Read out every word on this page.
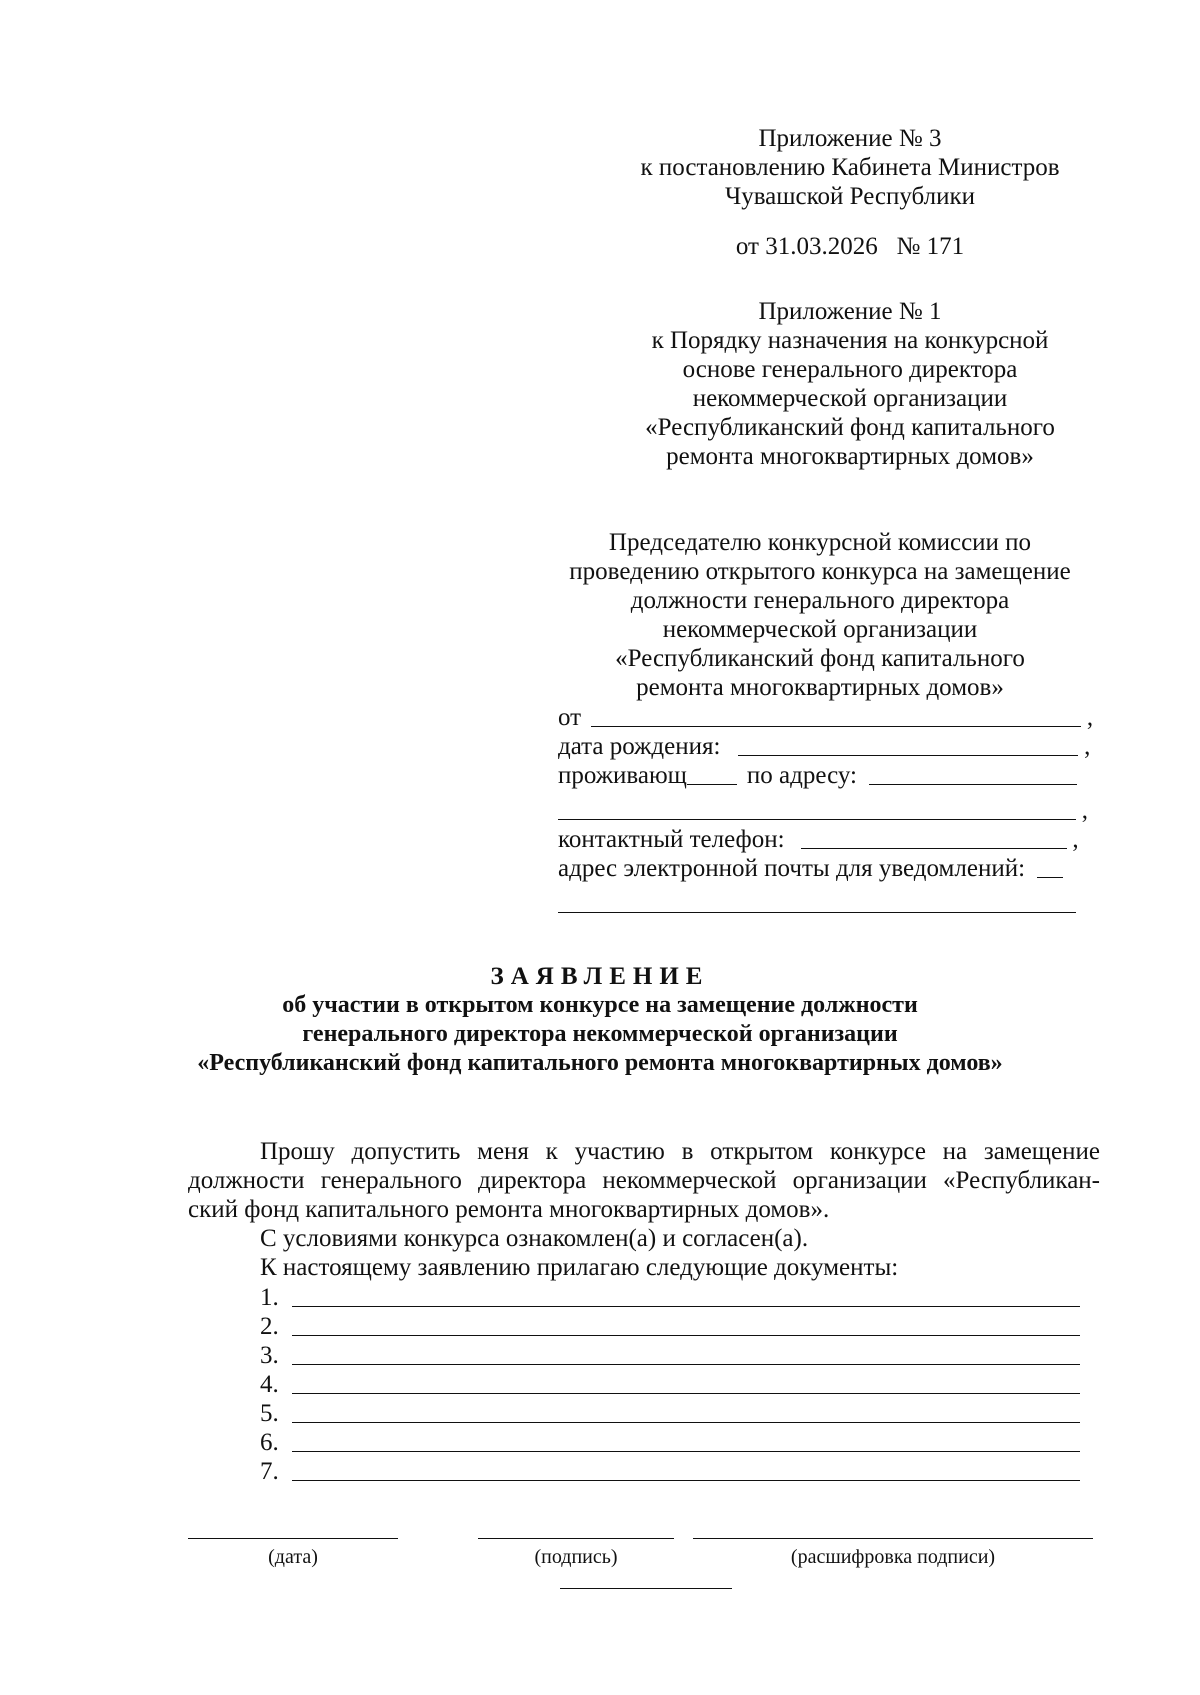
Приложение № 3
к постановлению Кабинета Министров
Чувашской Республики
от 31.03.2026   № 171
Приложение № 1
к Порядку назначения на конкурсной
основе генерального директора
некоммерческой организации
«Республиканский фонд капитального
ремонта многоквартирных домов»
Председателю конкурсной комиссии по
проведению открытого конкурса на замещение
должности генерального директора
некоммерческой организации
«Республиканский фонд капитального
ремонта многоквартирных домов»
от	,
дата рождения:	,
проживающ по адресу:
,
контактный телефон:	,
адрес электронной почты для уведомлений:
ЗАЯВЛЕНИЕ
об участии в открытом конкурсе на замещение должности
генерального директора некоммерческой организации
«Республиканский фонд капитального ремонта многоквартирных домов»

Прошу допустить меня к участию в открытом конкурсе на замещение должности генерального директора некоммерческой организации «Республикан-ский фонд капитального ремонта многоквартирных домов».

С условиями конкурса ознакомлен(а) и согласен(а).

К настоящему заявлению прилагаю следующие документы:

1.
2.
3.
4.
5.
6.
7.
(дата)	(подпись)	(расшифровка подписи)
